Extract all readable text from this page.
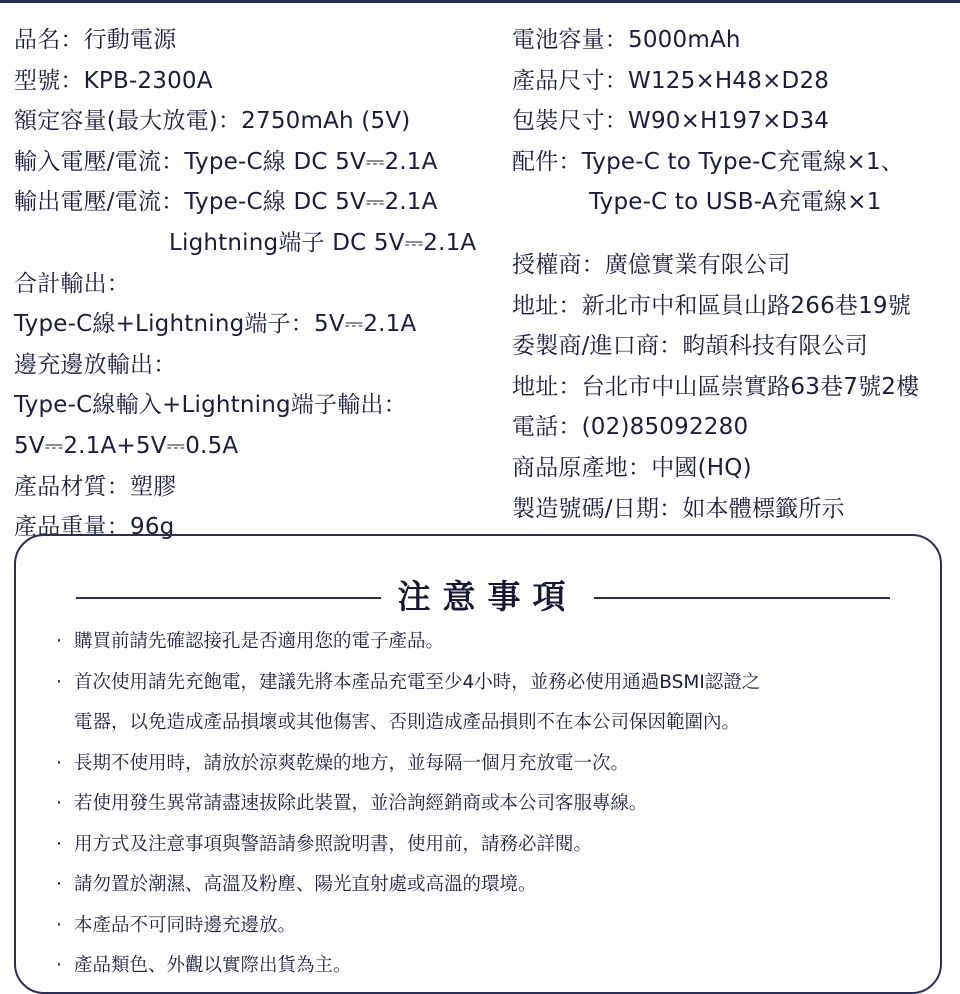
品名：行動電源
型號：KPB-2300A
額定容量(最大放電)：2750mAh (5V)
輸入電壓/電流：Type-C線 DC 5V⎓2.1A
輸出電壓/電流：Type-C線 DC 5V⎓2.1A
Lightning端子 DC 5V⎓2.1A
合計輸出：
Type-C線+Lightning端子：5V⎓2.1A
邊充邊放輸出：
Type-C線輸入+Lightning端子輸出：
5V⎓2.1A+5V⎓0.5A
產品材質：塑膠
產品重量：96g
電池容量：5000mAh
產品尺寸：W125×H48×D28
包裝尺寸：W90×H197×D34
配件：Type-C to Type-C充電線×1、
Type-C to USB-A充電線×1
授權商：廣億實業有限公司
地址：新北市中和區員山路266巷19號
委製商/進口商：畇頡科技有限公司
地址：台北市中山區崇實路63巷7號2樓
電話：(02)85092280
商品原產地：中國(HQ)
製造號碼/日期：如本體標籤所示
注意事項
· 購買前請先確認接孔是否適用您的電子產品。
· 首次使用請先充飽電，建議先將本產品充電至少4小時，並務必使用通過BSMI認證之
電器，以免造成產品損壞或其他傷害、否則造成產品損則不在本公司保因範圍內。
· 長期不使用時，請放於涼爽乾燥的地方，並每隔一個月充放電一次。
· 若使用發生異常請盡速拔除此裝置，並洽詢經銷商或本公司客服專線。
· 用方式及注意事項與警語請參照說明書，使用前，請務必詳閱。
· 請勿置於潮濕、高溫及粉塵、陽光直射處或高溫的環境。
· 本產品不可同時邊充邊放。
· 產品類色、外觀以實際出貨為主。
